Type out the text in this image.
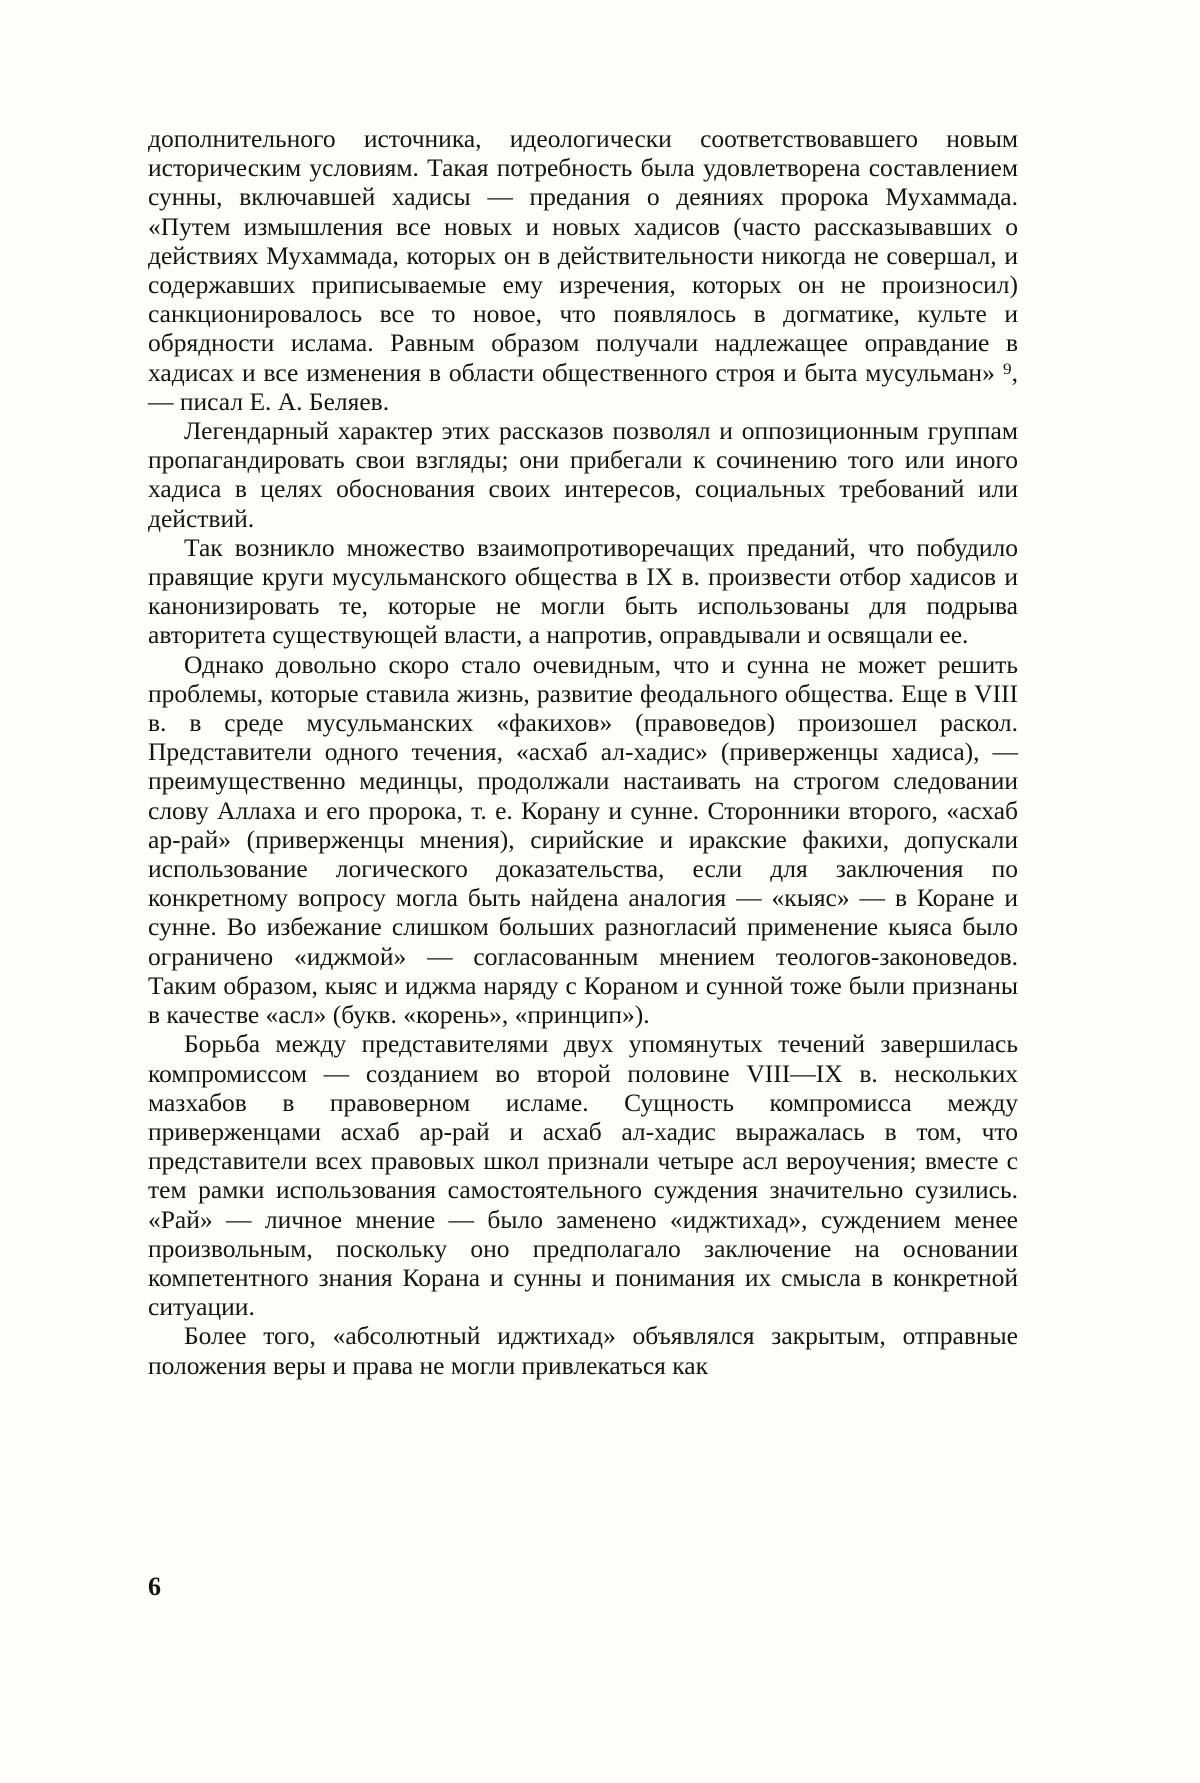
дополнительного источника, идеологически соответствовавшего новым историческим условиям. Такая потребность была удовлетворена составлением сунны, включавшей хадисы — предания о деяниях пророка Мухаммада. «Путем измышления все новых и новых хадисов (часто рассказывавших о действиях Мухаммада, которых он в действительности никогда не совершал, и содержавших приписываемые ему изречения, которых он не произносил) санкционировалось все то новое, что появлялось в догматике, культе и обрядности ислама. Равным образом получали надлежащее оправдание в хадисах и все изменения в области общественного строя и быта мусульман» ⁹,— писал Е. А. Беляев.

Легендарный характер этих рассказов позволял и оппозиционным группам пропагандировать свои взгляды; они прибегали к сочинению того или иного хадиса в целях обоснования своих интересов, социальных требований или действий.

Так возникло множество взаимопротиворечащих преданий, что побудило правящие круги мусульманского общества в IX в. произвести отбор хадисов и канонизировать те, которые не могли быть использованы для подрыва авторитета существующей власти, а напротив, оправдывали и освящали ее.

Однако довольно скоро стало очевидным, что и сунна не может решить проблемы, которые ставила жизнь, развитие феодального общества. Еще в VIII в. в среде мусульманских «факихов» (правоведов) произошел раскол. Представители одного течения, «асхаб ал-хадис» (приверженцы хадиса), — преимущественно мединцы, продолжали настаивать на строгом следовании слову Аллаха и его пророка, т. е. Корану и сунне. Сторонники второго, «асхаб ар-рай» (приверженцы мнения), сирийские и иракские факихи, допускали использование логического доказательства, если для заключения по конкретному вопросу могла быть найдена аналогия — «кыяс» — в Коране и сунне. Во избежание слишком больших разногласий применение кыяса было ограничено «иджмой» — согласованным мнением теологов-законоведов. Таким образом, кыяс и иджма наряду с Кораном и сунной тоже были признаны в качестве «асл» (букв. «корень», «принцип»).

Борьба между представителями двух упомянутых течений завершилась компромиссом — созданием во второй половине VIII—IX в. нескольких мазхабов в правоверном исламе. Сущность компромисса между приверженцами асхаб ар-рай и асхаб ал-хадис выражалась в том, что представители всех правовых школ признали четыре асл вероучения; вместе с тем рамки использования самостоятельного суждения значительно сузились. «Рай» — личное мнение — было заменено «иджтихад», суждением менее произвольным, поскольку оно предполагало заключение на основании компетентного знания Корана и сунны и понимания их смысла в конкретной ситуации.

Более того, «абсолютный иджтихад» объявлялся закрытым, отправные положения веры и права не могли привлекаться как

6
